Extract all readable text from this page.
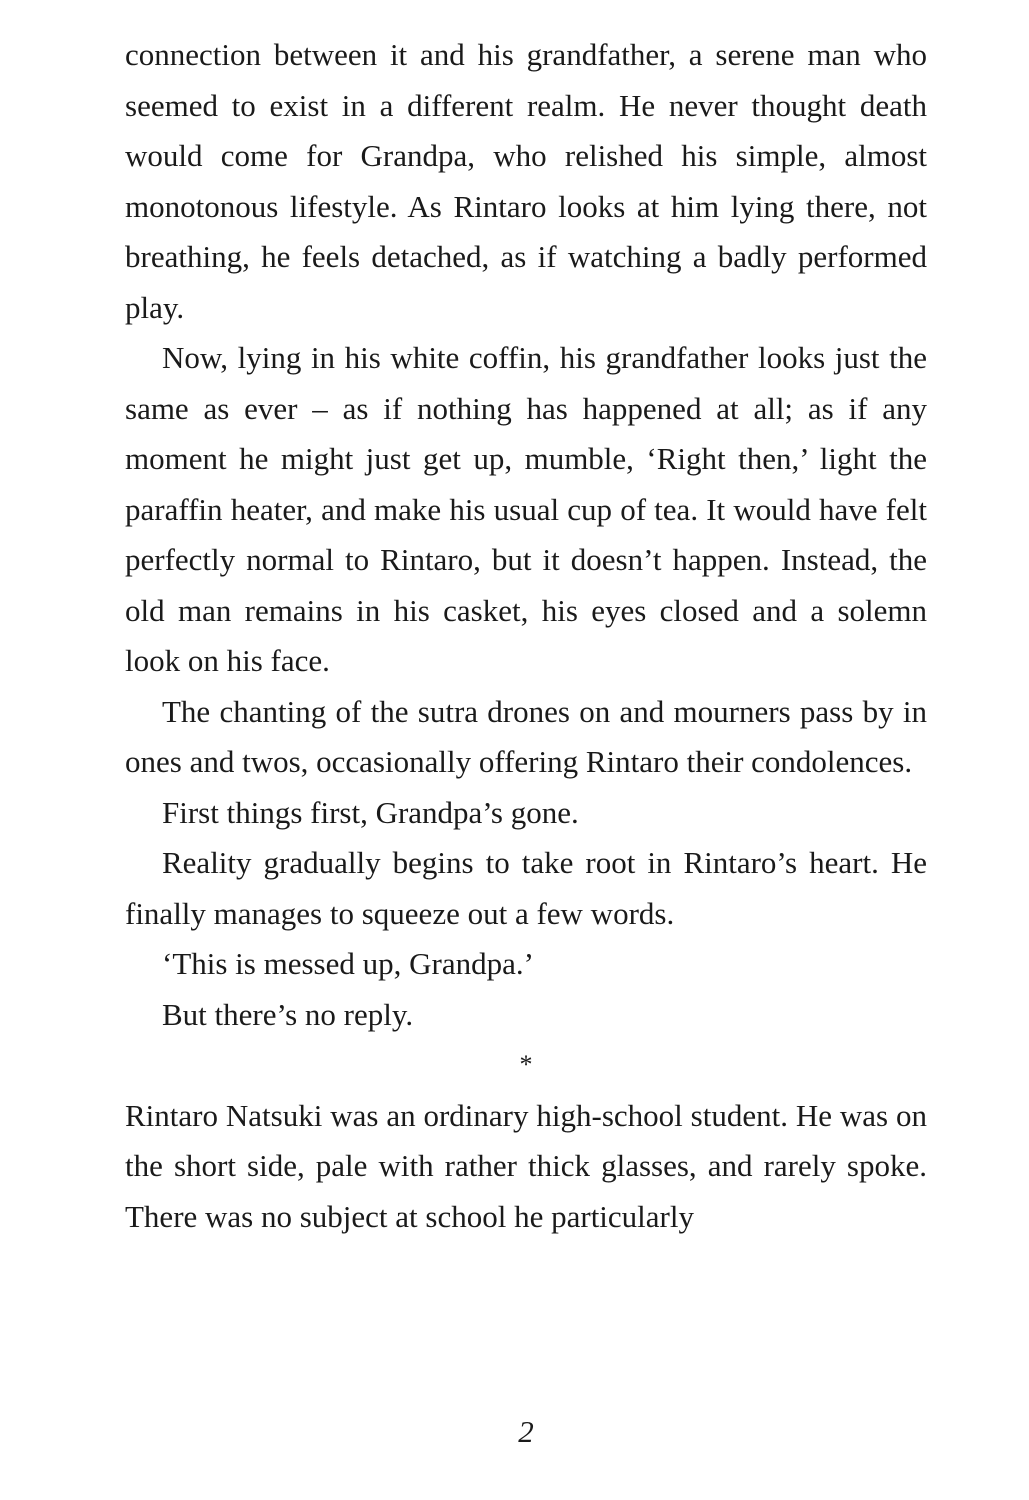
connection between it and his grandfather, a serene man who seemed to exist in a different realm. He never thought death would come for Grandpa, who relished his simple, almost monotonous lifestyle. As Rintaro looks at him lying there, not breathing, he feels detached, as if watching a badly performed play.

Now, lying in his white coffin, his grandfather looks just the same as ever – as if nothing has happened at all; as if any moment he might just get up, mumble, ‘Right then,’ light the paraffin heater, and make his usual cup of tea. It would have felt perfectly normal to Rintaro, but it doesn’t happen. Instead, the old man remains in his casket, his eyes closed and a solemn look on his face.

The chanting of the sutra drones on and mourners pass by in ones and twos, occasionally offering Rintaro their condolences.

First things first, Grandpa’s gone.

Reality gradually begins to take root in Rintaro’s heart. He finally manages to squeeze out a few words.

‘This is messed up, Grandpa.’

But there’s no reply.

*

Rintaro Natsuki was an ordinary high-school student. He was on the short side, pale with rather thick glasses, and rarely spoke. There was no subject at school he particularly

2
